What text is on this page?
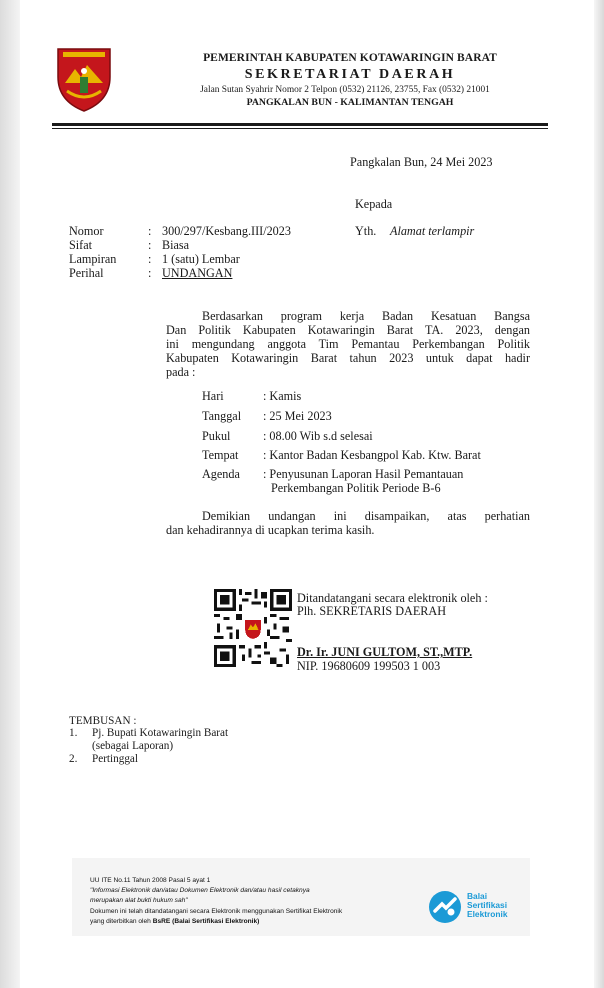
PEMERINTAH KABUPATEN KOTAWARINGIN BARAT
SEKRETARIAT DAERAH
Jalan Sutan Syahrir Nomor 2 Telpon (0532) 21126, 23755, Fax (0532) 21001
PANGKALAN BUN - KALIMANTAN TENGAH
Pangkalan Bun, 24 Mei 2023
Kepada
Yth. Alamat terlampir
Nomor	: 300/297/Kesbang.III/2023
Sifat	: Biasa
Lampiran	: 1 (satu) Lembar
Perihal	: UNDANGAN
Berdasarkan program kerja Badan Kesatuan Bangsa
Dan Politik Kabupaten Kotawaringin Barat TA. 2023, dengan
ini mengundang anggota Tim Pemantau Perkembangan Politik
Kabupaten Kotawaringin Barat tahun 2023 untuk dapat hadir
pada :
Hari	: Kamis
Tanggal : 25 Mei 2023
Pukul	: 08.00 Wib s.d selesai
Tempat : Kantor Badan Kesbangpol Kab. Ktw. Barat
Agenda : Penyusunan Laporan Hasil Pemantauan
Perkembangan Politik Periode B-6
Demikian undangan ini disampaikan, atas perhatian
dan kehadirannya di ucapkan terima kasih.
Ditandatangani secara elektronik oleh :
Plh. SEKRETARIS DAERAH
Dr. Ir. JUNI GULTOM, ST.,MTP.
NIP. 19680609 199503 1 003
TEMBUSAN :
1. Pj. Bupati Kotawaringin Barat
(sebagai Laporan)
2. Pertinggal
UU ITE No.11 Tahun 2008 Pasal 5 ayat 1
"Informasi Elektronik dan/atau Dokumen Elektronik dan/atau hasil cetaknya
merupakan alat bukti hukum sah"
Dokumen ini telah ditandatangani secara Elektronik menggunakan Sertifikat Elektronik
yang diterbitkan oleh BsRE (Balai Sertifikasi Elektronik)
Balai
Sertifikasi
Elektronik
